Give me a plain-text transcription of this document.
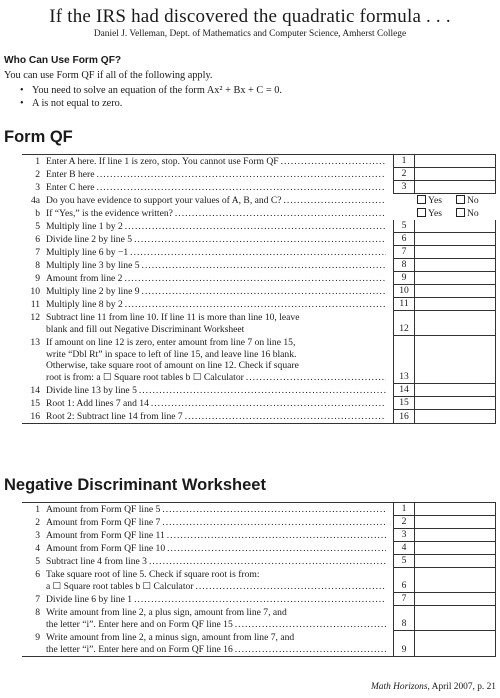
If the IRS had discovered the quadratic formula . . .
Daniel J. Velleman, Dept. of Mathematics and Computer Science, Amherst College
Who Can Use Form QF?
You can use Form QF if all of the following apply.
• You need to solve an equation of the form Ax² + Bx + C = 0.
• A is not equal to zero.
Form QF
1 Enter A here. If line 1 is zero, stop. You cannot use Form QF .....	1
2 Enter B here .....	2
3 Enter C here .....	3
4a Do you have evidence to support your values of A, B, and C? .....	Yes	No
b If “Yes,” is the evidence written? .....	Yes	No
5 Multiply line 1 by 2 .....	5
6 Divide line 2 by line 5 .....	6
7 Multiply line 6 by −1 .....	7
8 Multiply line 3 by line 5 .....	8
9 Amount from line 2 .....	9
10 Multiply line 2 by line 9 .....	10
11 Multiply line 8 by 2 .....	11
12 Subtract line 11 from line 10. If line 11 is more than line 10, leave
blank and fill out Negative Discriminant Worksheet	12
13 If amount on line 12 is zero, enter amount from line 7 on line 15,
write “Dbl Rt” in space to left of line 15, and leave line 16 blank.
Otherwise, take square root of amount on line 12. Check if square
root is from: a ☐ Square root tables b ☐ Calculator .....	13
14 Divide line 13 by line 5 .....	14
15 Root 1: Add lines 7 and 14 .....	15
16 Root 2: Subtract line 14 from line 7 .....	16
Negative Discriminant Worksheet
1 Amount from Form QF line 5 .....	1
2 Amount from Form QF line 7 .....	2
3 Amount from Form QF line 11 .....	3
4 Amount from Form QF line 10 .....	4
5 Subtract line 4 from line 3 .....	5
6 Take square root of line 5. Check if square root is from:
a ☐ Square root tables b ☐ Calculator .....	6
7 Divide line 6 by line 1 .....	7
8 Write amount from line 2, a plus sign, amount from line 7, and
the letter “i”. Enter here and on Form QF line 15 .....	8
9 Write amount from line 2, a minus sign, amount from line 7, and
the letter “i”. Enter here and on Form QF line 16 .....	9
Math Horizons, April 2007, p. 21
